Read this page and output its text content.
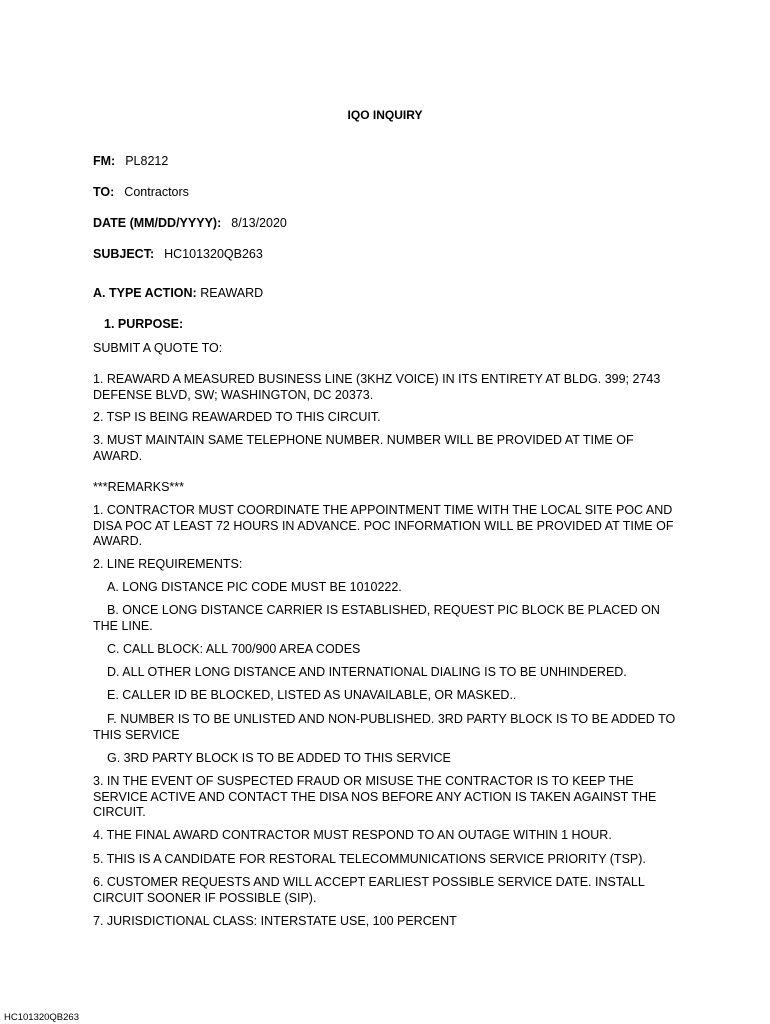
IQO INQUIRY
FM: PL8212
TO: Contractors
DATE (MM/DD/YYYY): 8/13/2020
SUBJECT: HC101320QB263
A. TYPE ACTION: REAWARD
1. PURPOSE:
SUBMIT A QUOTE TO:
1. REAWARD A MEASURED BUSINESS LINE (3KHZ VOICE) IN ITS ENTIRETY AT BLDG. 399; 2743 DEFENSE BLVD, SW; WASHINGTON, DC 20373.
2. TSP IS BEING REAWARDED TO THIS CIRCUIT.
3. MUST MAINTAIN SAME TELEPHONE NUMBER. NUMBER WILL BE PROVIDED AT TIME OF AWARD.
***REMARKS***
1. CONTRACTOR MUST COORDINATE THE APPOINTMENT TIME WITH THE LOCAL SITE POC AND DISA POC AT LEAST 72 HOURS IN ADVANCE. POC INFORMATION WILL BE PROVIDED AT TIME OF AWARD.
2. LINE REQUIREMENTS:
A. LONG DISTANCE PIC CODE MUST BE 1010222.
B. ONCE LONG DISTANCE CARRIER IS ESTABLISHED, REQUEST PIC BLOCK BE PLACED ON THE LINE.
C. CALL BLOCK: ALL 700/900 AREA CODES
D. ALL OTHER LONG DISTANCE AND INTERNATIONAL DIALING IS TO BE UNHINDERED.
E. CALLER ID BE BLOCKED, LISTED AS UNAVAILABLE, OR MASKED..
F. NUMBER IS TO BE UNLISTED AND NON-PUBLISHED. 3RD PARTY BLOCK IS TO BE ADDED TO THIS SERVICE
G. 3RD PARTY BLOCK IS TO BE ADDED TO THIS SERVICE
3. IN THE EVENT OF SUSPECTED FRAUD OR MISUSE THE CONTRACTOR IS TO KEEP THE SERVICE ACTIVE AND CONTACT THE DISA NOS BEFORE ANY ACTION IS TAKEN AGAINST THE CIRCUIT.
4. THE FINAL AWARD CONTRACTOR MUST RESPOND TO AN OUTAGE WITHIN 1 HOUR.
5. THIS IS A CANDIDATE FOR RESTORAL TELECOMMUNICATIONS SERVICE PRIORITY (TSP).
6. CUSTOMER REQUESTS AND WILL ACCEPT EARLIEST POSSIBLE SERVICE DATE. INSTALL CIRCUIT SOONER IF POSSIBLE (SIP).
7. JURISDICTIONAL CLASS: INTERSTATE USE, 100 PERCENT
HC101320QB263
